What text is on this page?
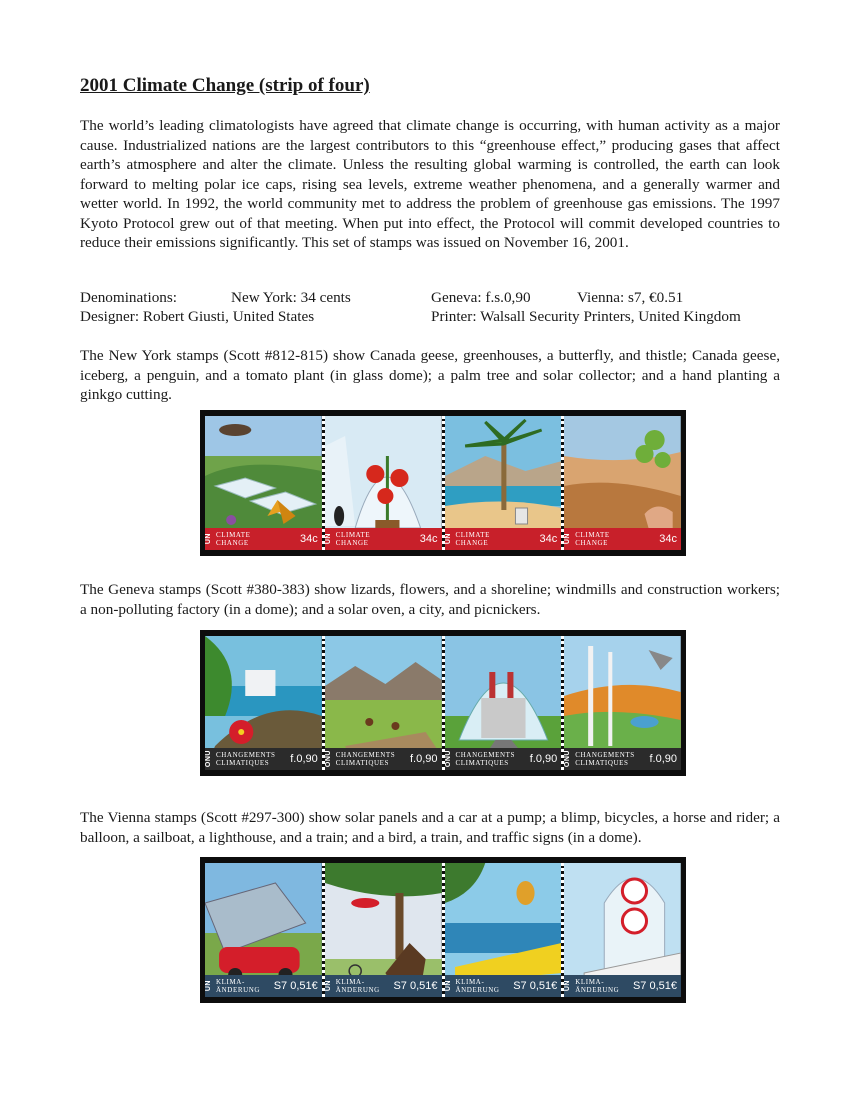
2001 Climate Change (strip of four)

The world’s leading climatologists have agreed that climate change is occurring, with human activity as a major cause. Industrialized nations are the largest contributors to this “greenhouse effect,” producing gases that affect earth’s atmosphere and alter the climate. Unless the resulting global warming is controlled, the earth can look forward to melting polar ice caps, rising sea levels, extreme weather phenomena, and a generally warmer and wetter world. In 1992, the world community met to address the problem of greenhouse gas emissions. The 1997 Kyoto Protocol grew out of that meeting. When put into effect, the Protocol will commit developed countries to reduce their emissions significantly. This set of stamps was issued on November 16, 2001.

Denominations:	New York: 34 cents	Geneva: f.s.0,90	Vienna: s7, €0.51
Designer: Robert Giusti, United States	Printer: Walsall Security Printers, United Kingdom

The New York stamps (Scott #812-815) show Canada geese, greenhouses, a butterfly, and thistle; Canada geese, iceberg, a penguin, and a tomato plant (in glass dome); a palm tree and solar collector; and a hand planting a ginkgo cutting.

UN CLIMATE
CHANGE	34c UN CLIMATE
CHANGE	34c UN CLIMATE
CHANGE	34c UN CLIMATE
CHANGE	34c

The Geneva stamps (Scott #380-383) show lizards, flowers, and a shoreline; windmills and construction workers; a non-polluting factory (in a dome); and a solar oven, a city, and picnickers.

ONU CHANGEMENTS
CLIMATIQUES	f.0,90 ONU CHANGEMENTS
CLIMATIQUES	f.0,90 ONU CHANGEMENTS
CLIMATIQUES	f.0,90 ONU CHANGEMENTS
CLIMATIQUES	f.0,90

The Vienna stamps (Scott #297-300) show solar panels and a car at a pump; a blimp, bicycles, a horse and rider; a balloon, a sailboat, a lighthouse, and a train; and a bird, a train, and traffic signs (in a dome).

UN KLIMA-
ÄNDERUNG	S7 0,51€ UN KLIMA-
ÄNDERUNG	S7 0,51€ UN KLIMA-
ÄNDERUNG	S7 0,51€ UN KLIMA-
ÄNDERUNG	S7 0,51€
